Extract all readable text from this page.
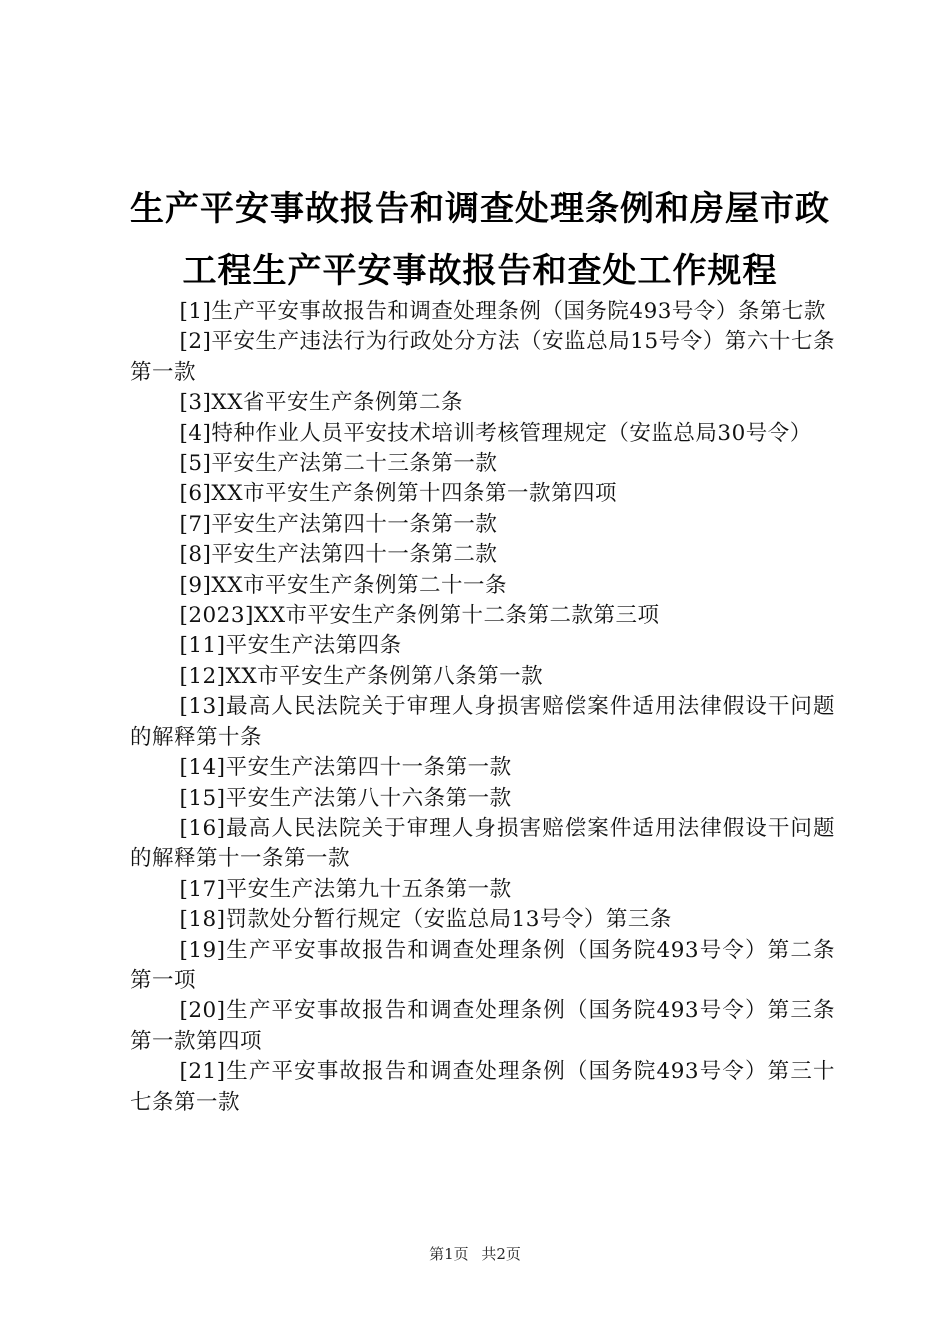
生产平安事故报告和调查处理条例和房屋市政
工程生产平安事故报告和查处工作规程
[1]生产平安事故报告和调查处理条例（国务院493号令）条第七款
[2]平安生产违法行为行政处分方法（安监总局15号令）第六十七条第一款
[3]XX省平安生产条例第二条
[4]特种作业人员平安技术培训考核管理规定（安监总局30号令）
[5]平安生产法第二十三条第一款
[6]XX市平安生产条例第十四条第一款第四项
[7]平安生产法第四十一条第一款
[8]平安生产法第四十一条第二款
[9]XX市平安生产条例第二十一条
[2023]XX市平安生产条例第十二条第二款第三项
[11]平安生产法第四条
[12]XX市平安生产条例第八条第一款
[13]最高人民法院关于审理人身损害赔偿案件适用法律假设干问题的解释第十条
[14]平安生产法第四十一条第一款
[15]平安生产法第八十六条第一款
[16]最高人民法院关于审理人身损害赔偿案件适用法律假设干问题的解释第十一条第一款
[17]平安生产法第九十五条第一款
[18]罚款处分暂行规定（安监总局13号令）第三条
[19]生产平安事故报告和调查处理条例（国务院493号令）第二条第一项
[20]生产平安事故报告和调查处理条例（国务院493号令）第三条第一款第四项
[21]生产平安事故报告和调查处理条例（国务院493号令）第三十七条第一款
第1页 共2页
